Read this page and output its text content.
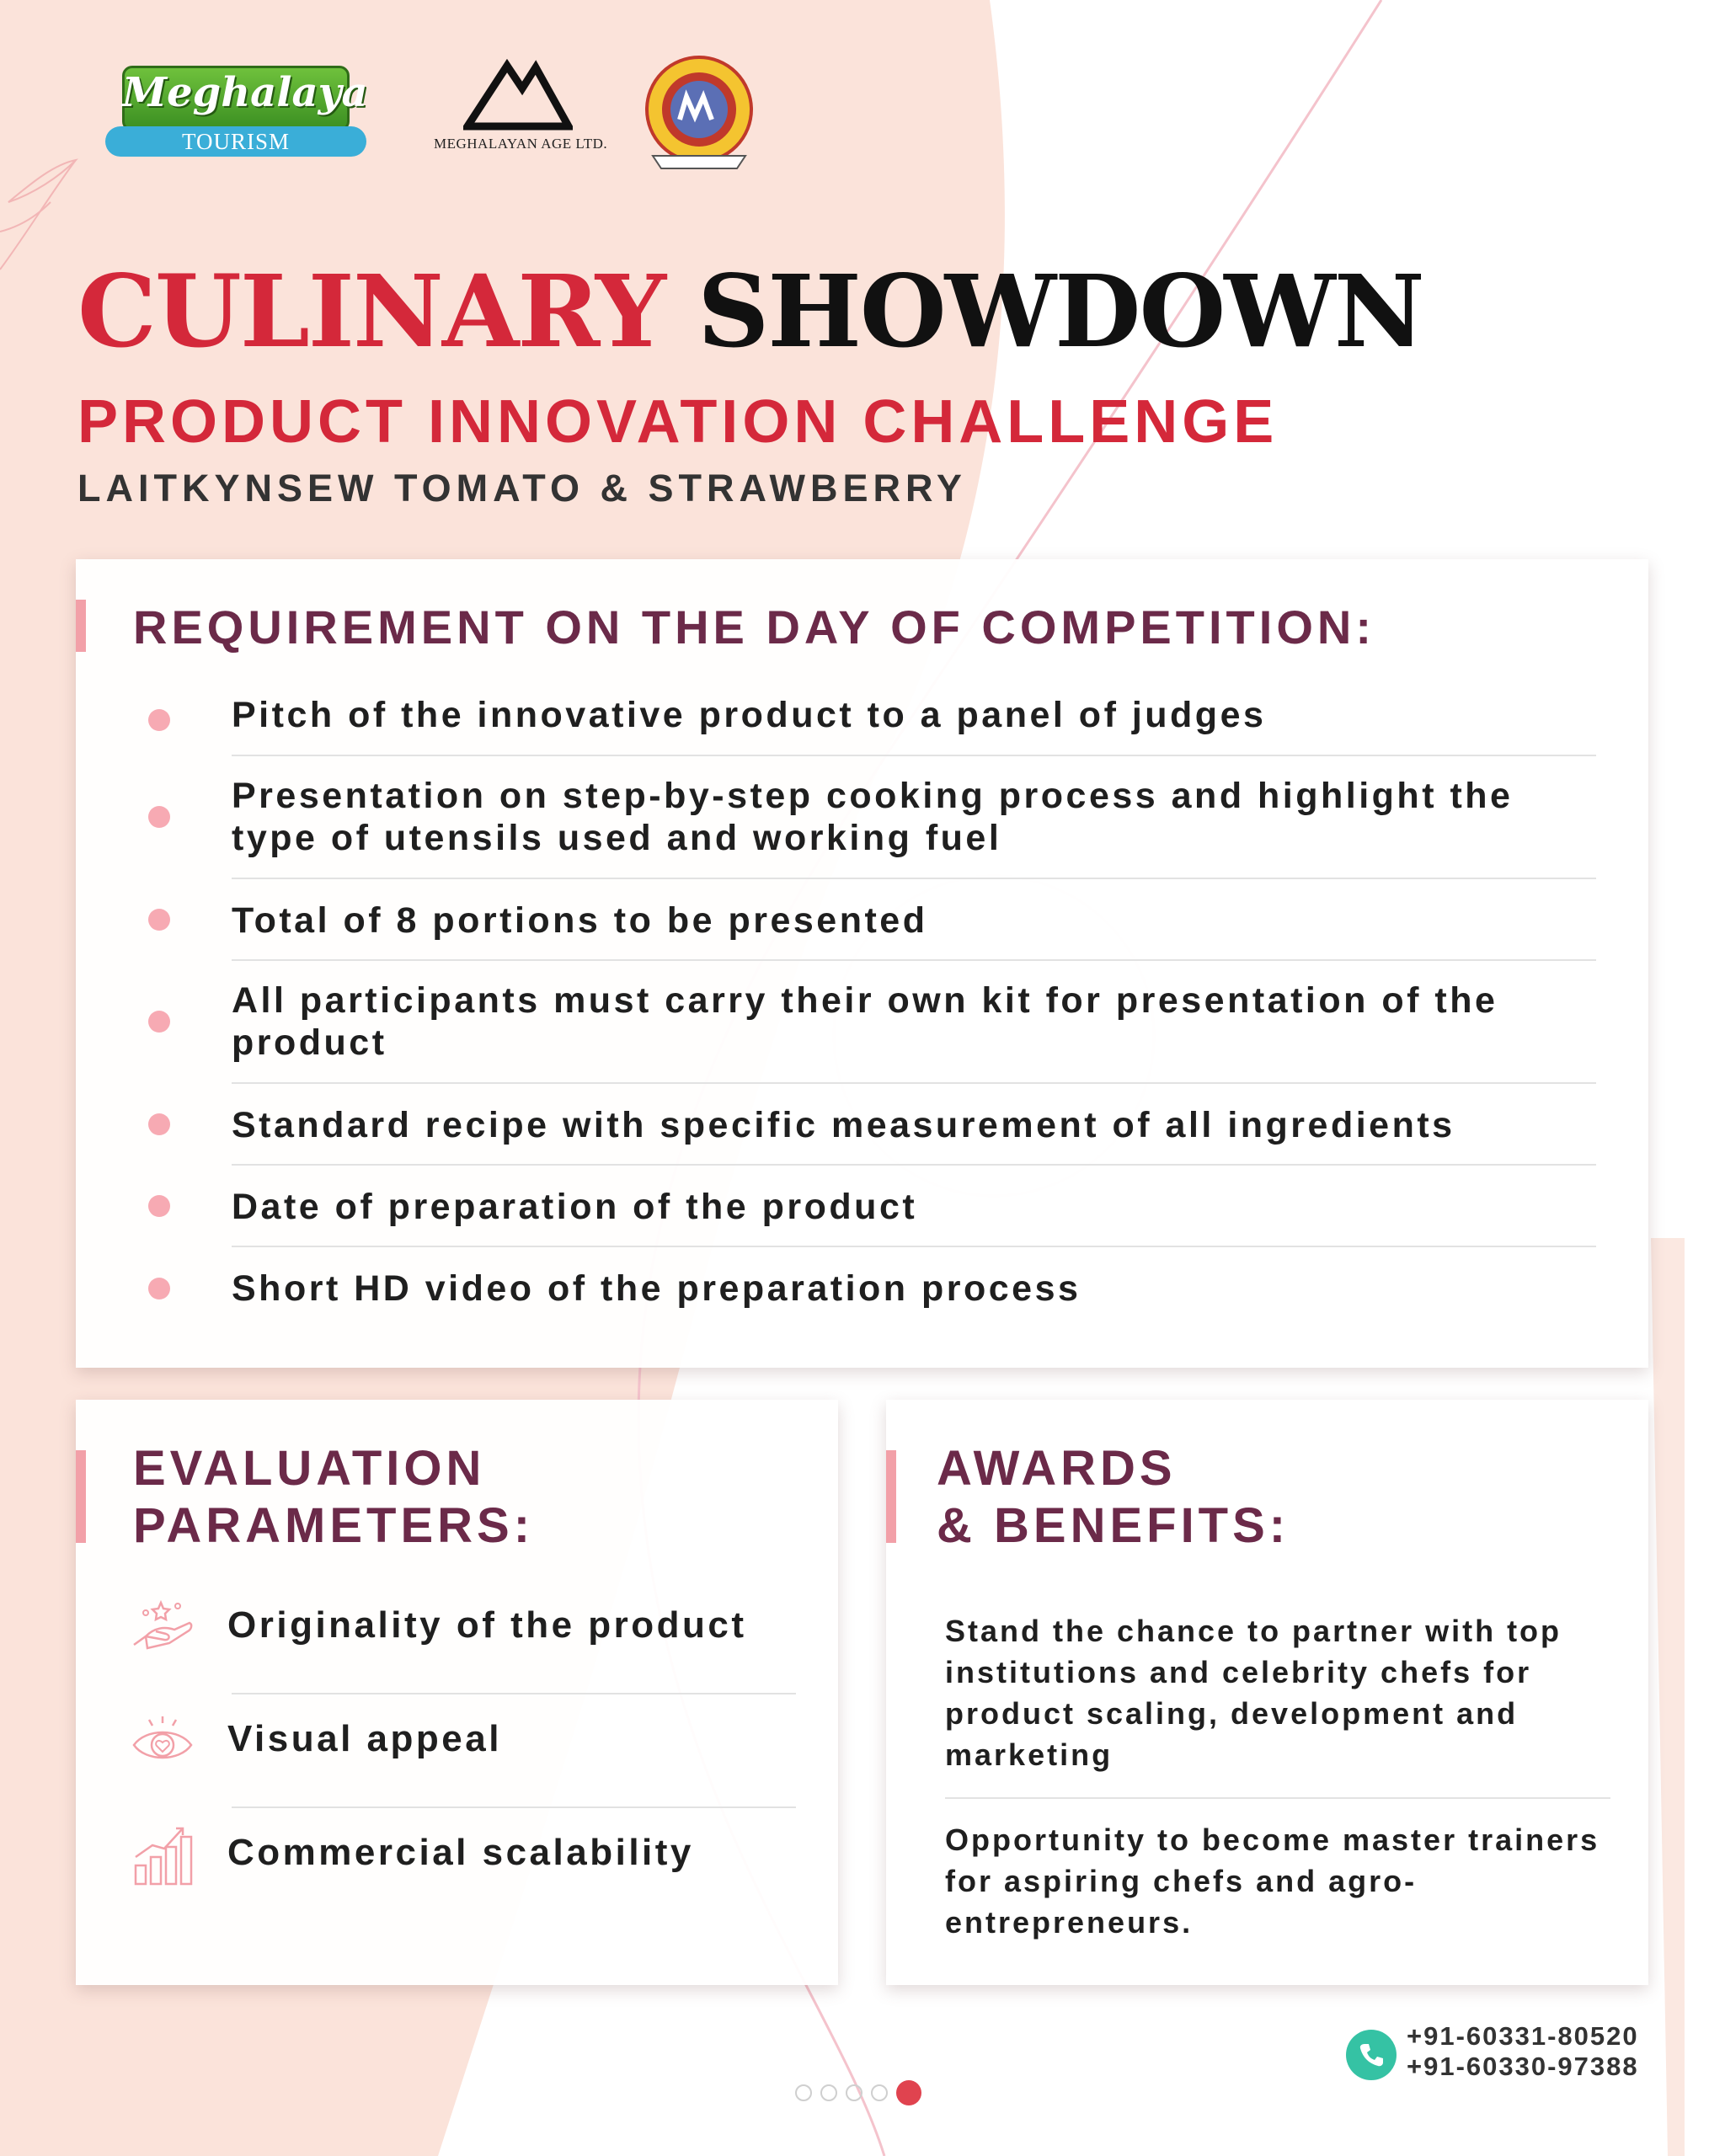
Meghalaya
TOURISM	MEGHALAYAN AGE LTD.
CULINARY SHOWDOWN
PRODUCT INNOVATION CHALLENGE
LAITKYNSEW TOMATO & STRAWBERRY
REQUIREMENT ON THE DAY OF COMPETITION:
Pitch of the innovative product to a panel of judges
Presentation on step-by-step cooking process and highlight the type of utensils used and working fuel
Total of 8 portions to be presented
All participants must carry their own kit for presentation of the product
Standard recipe with specific measurement of all ingredients
Date of preparation of the product
Short HD video of the preparation process
EVALUATION
PARAMETERS:
Originality of the product
Visual appeal
Commercial scalability
AWARDS
& BENEFITS:
Stand the chance to partner with top institutions and celebrity chefs for product scaling, development and marketing
Opportunity to become master trainers for aspiring chefs and agro-entrepreneurs.
+91-60331-80520
+91-60330-97388
